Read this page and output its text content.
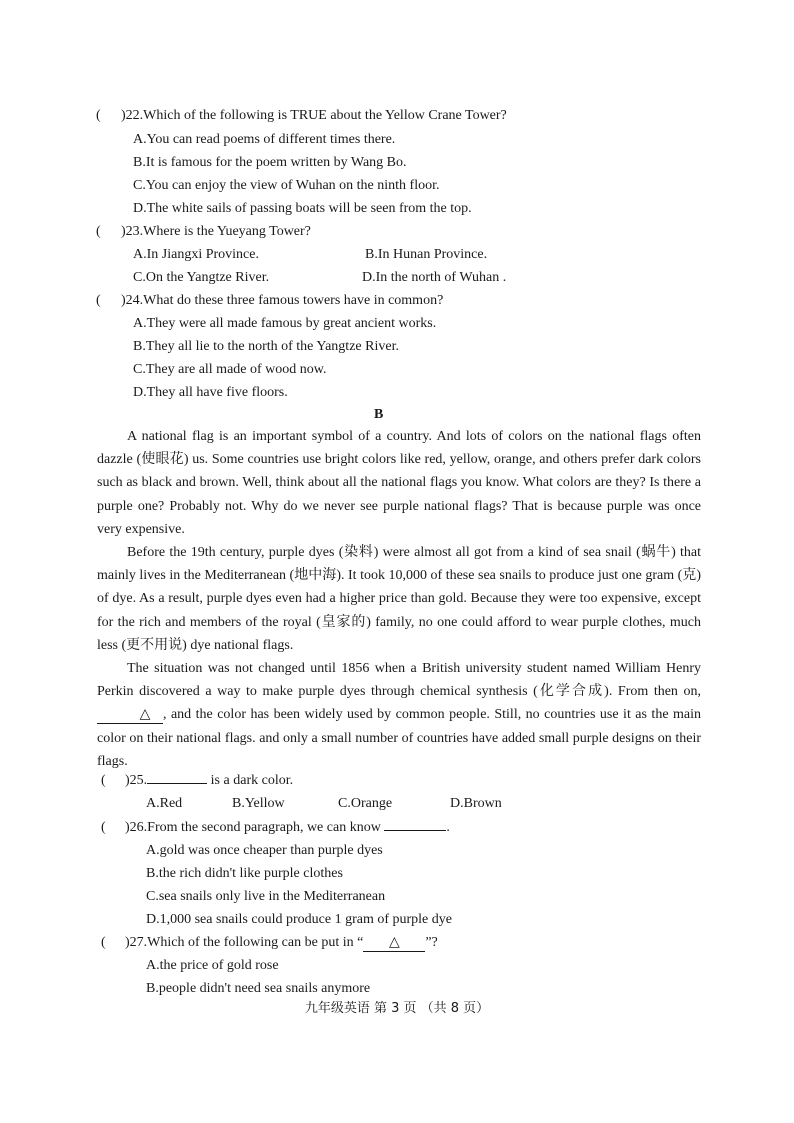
( )22.Which of the following is TRUE about the Yellow Crane Tower?
A.You can read poems of different times there.
B.It is famous for the poem written by Wang Bo.
C.You can enjoy the view of Wuhan on the ninth floor.
D.The white sails of passing boats will be seen from the top.
( )23.Where is the Yueyang Tower?
A.In Jiangxi Province.	B.In Hunan Province.
C.On the Yangtze River.	D.In the north of Wuhan .
( )24.What do these three famous towers have in common?
A.They were all made famous by great ancient works.
B.They all lie to the north of the Yangtze River.
C.They are all made of wood now.
D.They all have five floors.
B
A national flag is an important symbol of a country. And lots of colors on the national flags often dazzle (使眼花) us. Some countries use bright colors like red, yellow, orange, and others prefer dark colors such as black and brown. Well, think about all the national flags you know. What colors are they? Is there a purple one? Probably not. Why do we never see purple national flags? That is because purple was once very expensive.
Before the 19th century, purple dyes (染料) were almost all got from a kind of sea snail (蜗牛) that mainly lives in the Mediterranean (地中海). It took 10,000 of these sea snails to produce just one gram (克) of dye. As a result, purple dyes even had a higher price than gold. Because they were too expensive, except for the rich and members of the royal (皇家的) family, no one could afford to wear purple clothes, much less (更不用说) dye national flags.
The situation was not changed until 1856 when a British university student named William Henry Perkin discovered a way to make purple dyes through chemical synthesis (化学合成). From then on, △ , and the color has been widely used by common people. Still, no countries use it as the main color on their national flags. and only a small number of countries have added small purple designs on their flags.
( )25.	is a dark color.
A.Red	B.Yellow	C.Orange	D.Brown
( )26.From the second paragraph, we can know	.
A.gold was once cheaper than purple dyes
B.the rich didn't like purple clothes
C.sea snails only live in the Mediterranean
D.1,000 sea snails could produce 1 gram of purple dye
( )27.Which of the following can be put in “ △ ”?
A.the price of gold rose
B.people didn't need sea snails anymore
九年级英语 第 3 页 （共 8 页）
